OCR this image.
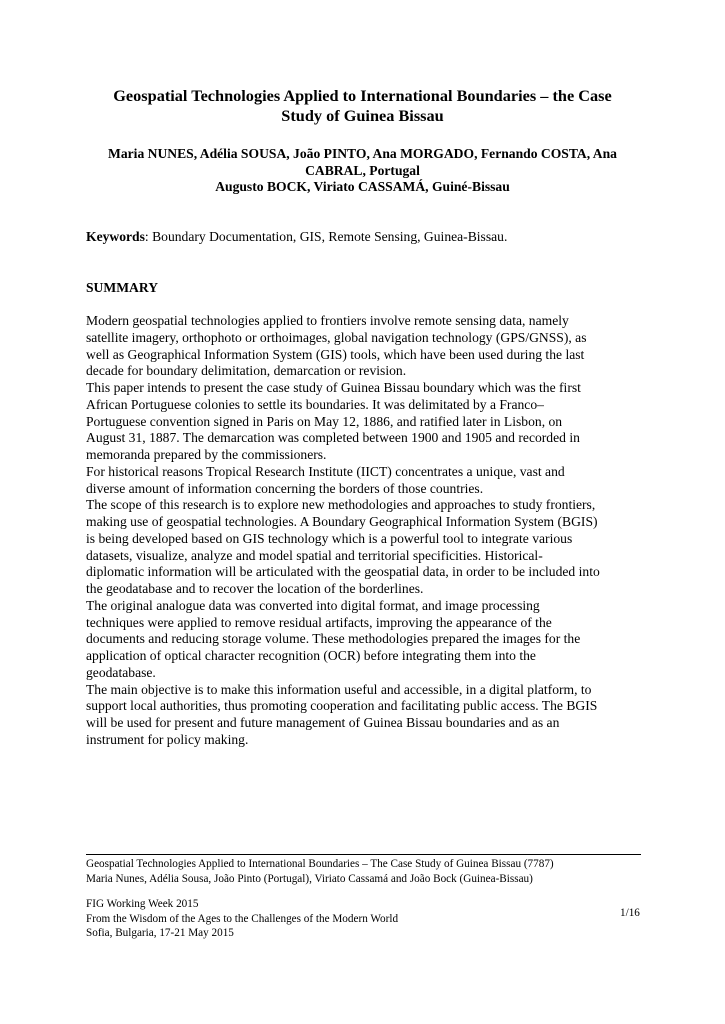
Geospatial Technologies Applied to International Boundaries – the Case
Study of Guinea Bissau
Maria NUNES, Adélia SOUSA, João PINTO, Ana MORGADO, Fernando COSTA, Ana
CABRAL, Portugal
Augusto BOCK, Viriato CASSAMÁ, Guiné-Bissau
Keywords: Boundary Documentation, GIS, Remote Sensing, Guinea-Bissau.
SUMMARY
Modern geospatial technologies applied to frontiers involve remote sensing data, namely
satellite imagery, orthophoto or orthoimages, global navigation technology (GPS/GNSS), as
well as Geographical Information System (GIS) tools, which have been used during the last
decade for boundary delimitation, demarcation or revision.
This paper intends to present the case study of Guinea Bissau boundary which was the first
African Portuguese colonies to settle its boundaries. It was delimitated by a Franco–
Portuguese convention signed in Paris on May 12, 1886, and ratified later in Lisbon, on
August 31, 1887. The demarcation was completed between 1900 and 1905 and recorded in
memoranda prepared by the commissioners.
For historical reasons Tropical Research Institute (IICT) concentrates a unique, vast and
diverse amount of information concerning the borders of those countries.
The scope of this research is to explore new methodologies and approaches to study frontiers,
making use of geospatial technologies. A Boundary Geographical Information System (BGIS)
is being developed based on GIS technology which is a powerful tool to integrate various
datasets, visualize, analyze and model spatial and territorial specificities. Historical-
diplomatic information will be articulated with the geospatial data, in order to be included into
the geodatabase and to recover the location of the borderlines.
The original analogue data was converted into digital format, and image processing
techniques were applied to remove residual artifacts, improving the appearance of the
documents and reducing storage volume. These methodologies prepared the images for the
application of optical character recognition (OCR) before integrating them into the
geodatabase.
The main objective is to make this information useful and accessible, in a digital platform, to
support local authorities, thus promoting cooperation and facilitating public access. The BGIS
will be used for present and future management of Guinea Bissau boundaries and as an
instrument for policy making.
Geospatial Technologies Applied to International Boundaries – The Case Study of Guinea Bissau (7787)
Maria Nunes, Adélia Sousa, João Pinto (Portugal), Viriato Cassamá and João Bock (Guinea-Bissau)
FIG Working Week 2015
From the Wisdom of the Ages to the Challenges of the Modern World
Sofia, Bulgaria, 17-21 May 2015
1/16
